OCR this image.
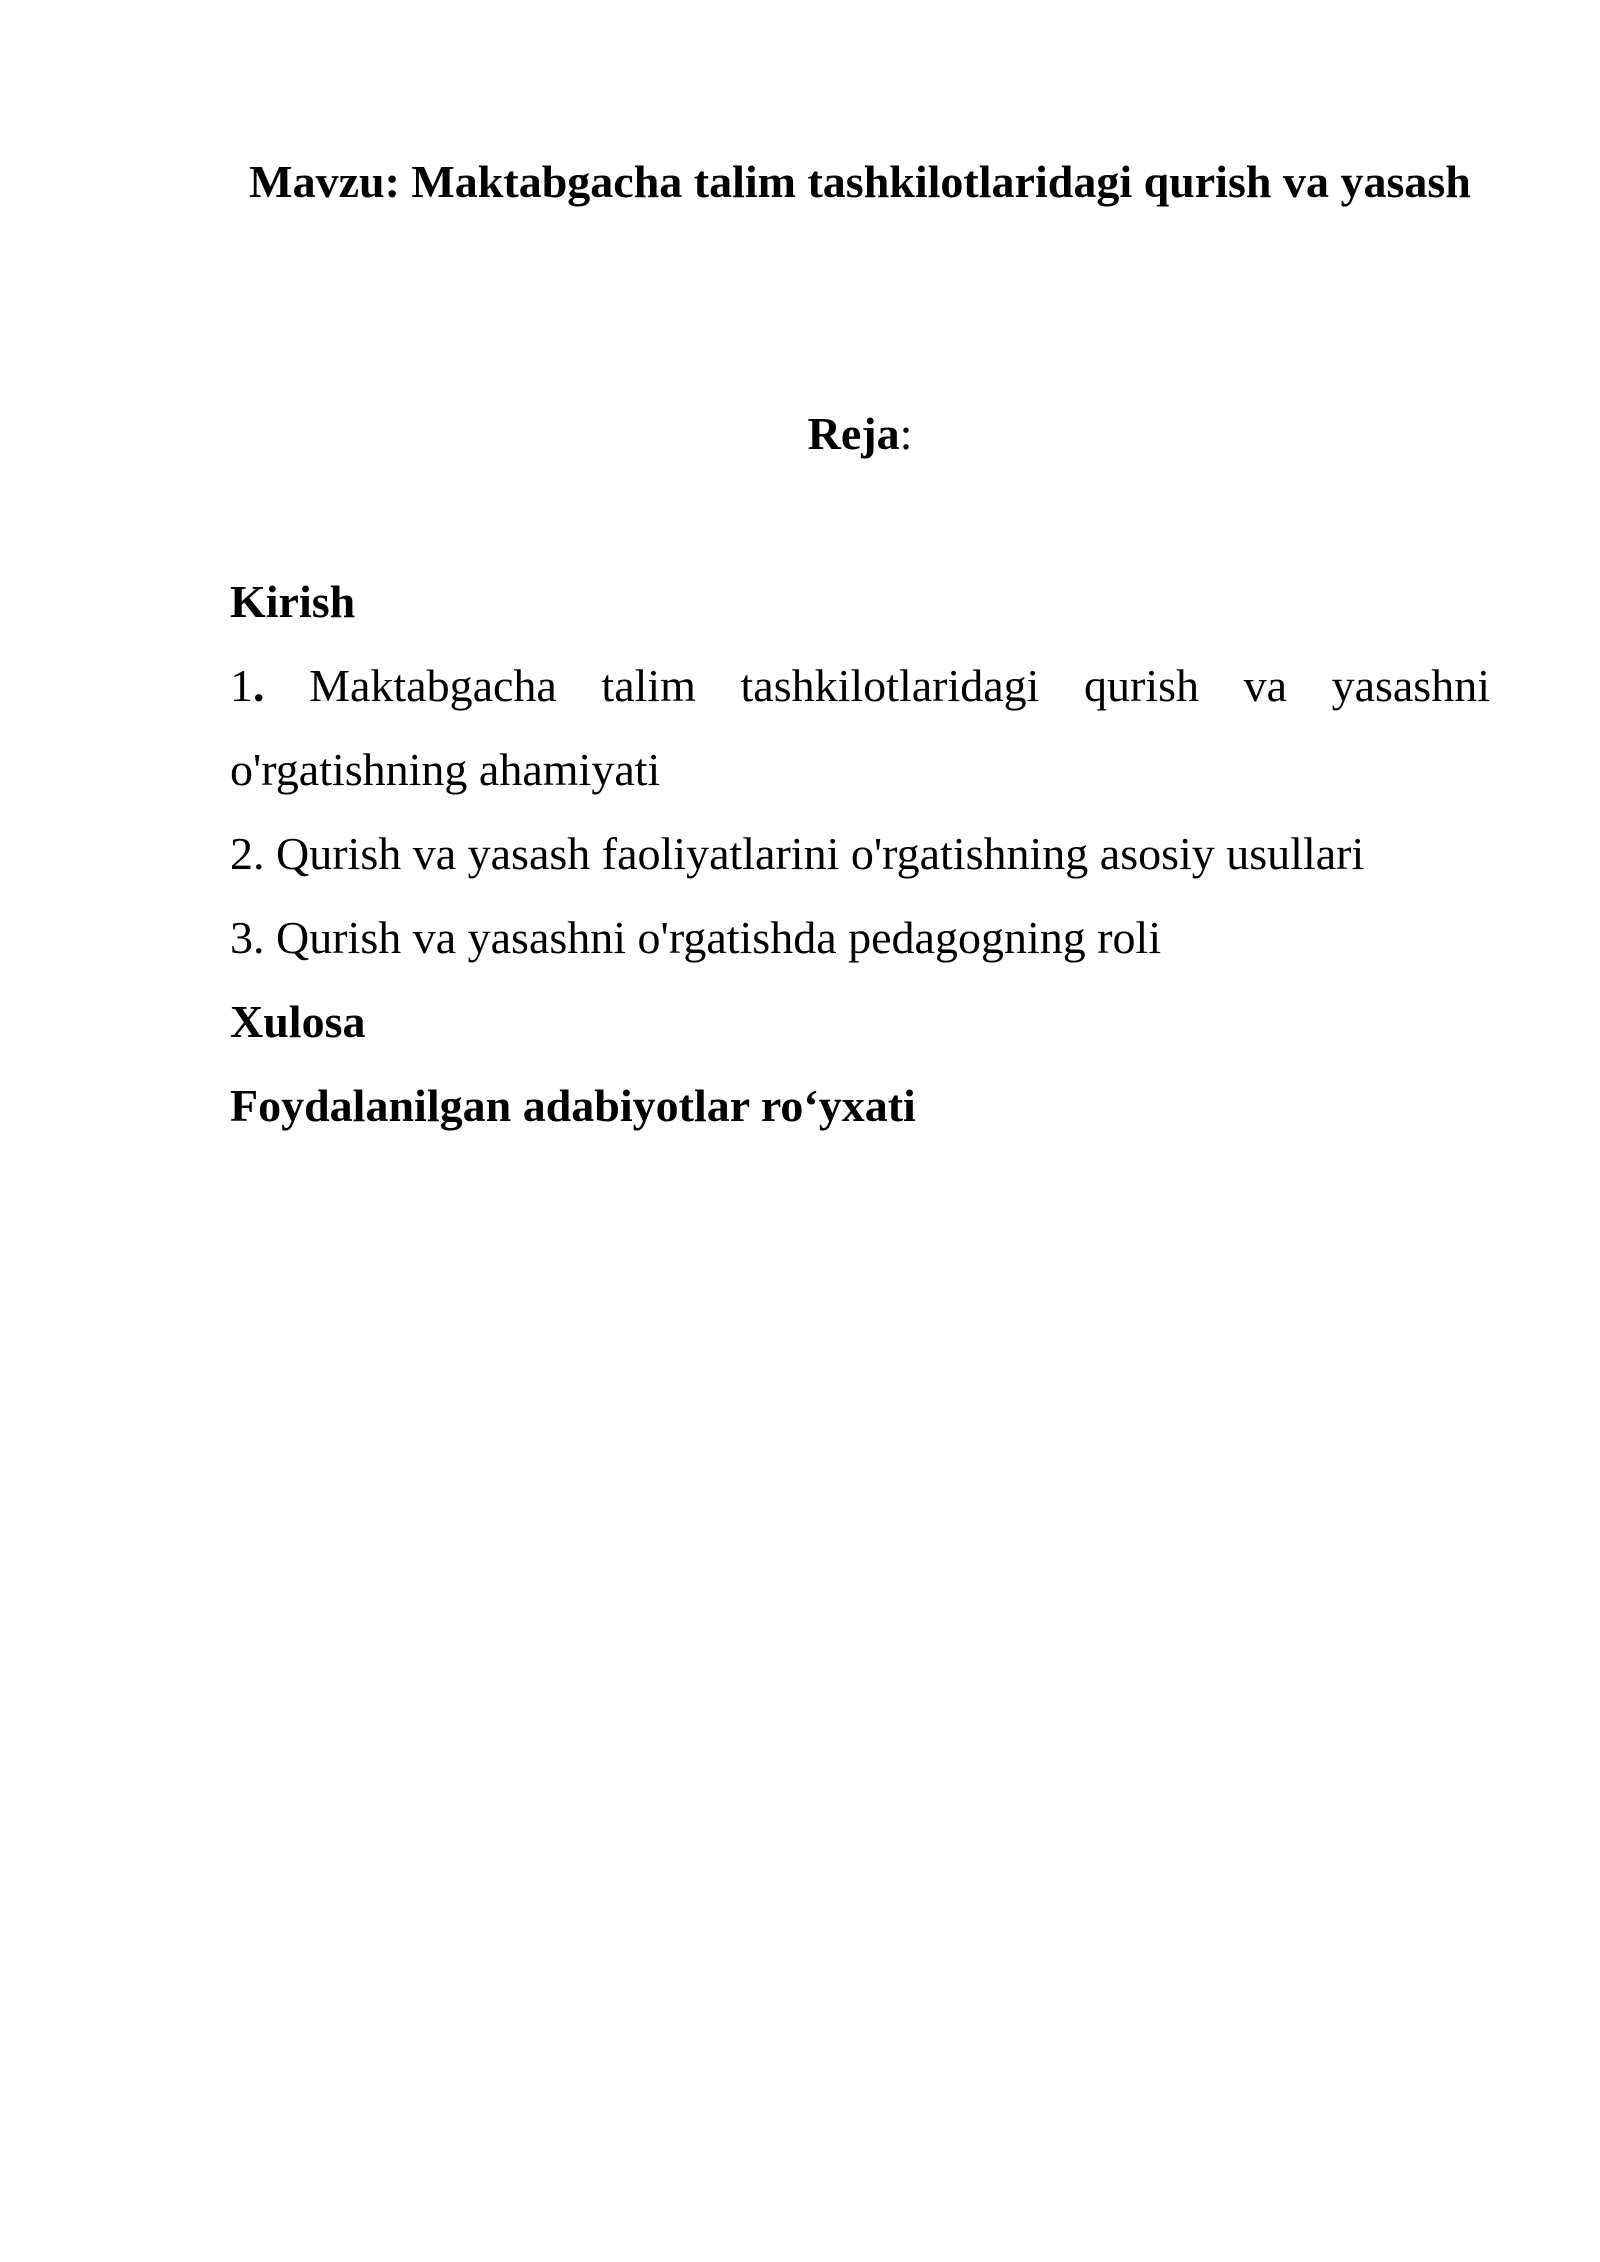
Mavzu: Maktabgacha talim tashkilotlaridagi qurish va yasash

Reja:

Kirish

1. Maktabgacha talim tashkilotlaridagi qurish va yasashni o'rgatishning ahamiyati

2. Qurish va yasash faoliyatlarini o'rgatishning asosiy usullari

3. Qurish va yasashni o'rgatishda pedagogning roli

Xulosa

Foydalanilgan adabiyotlar ro‘yxati
